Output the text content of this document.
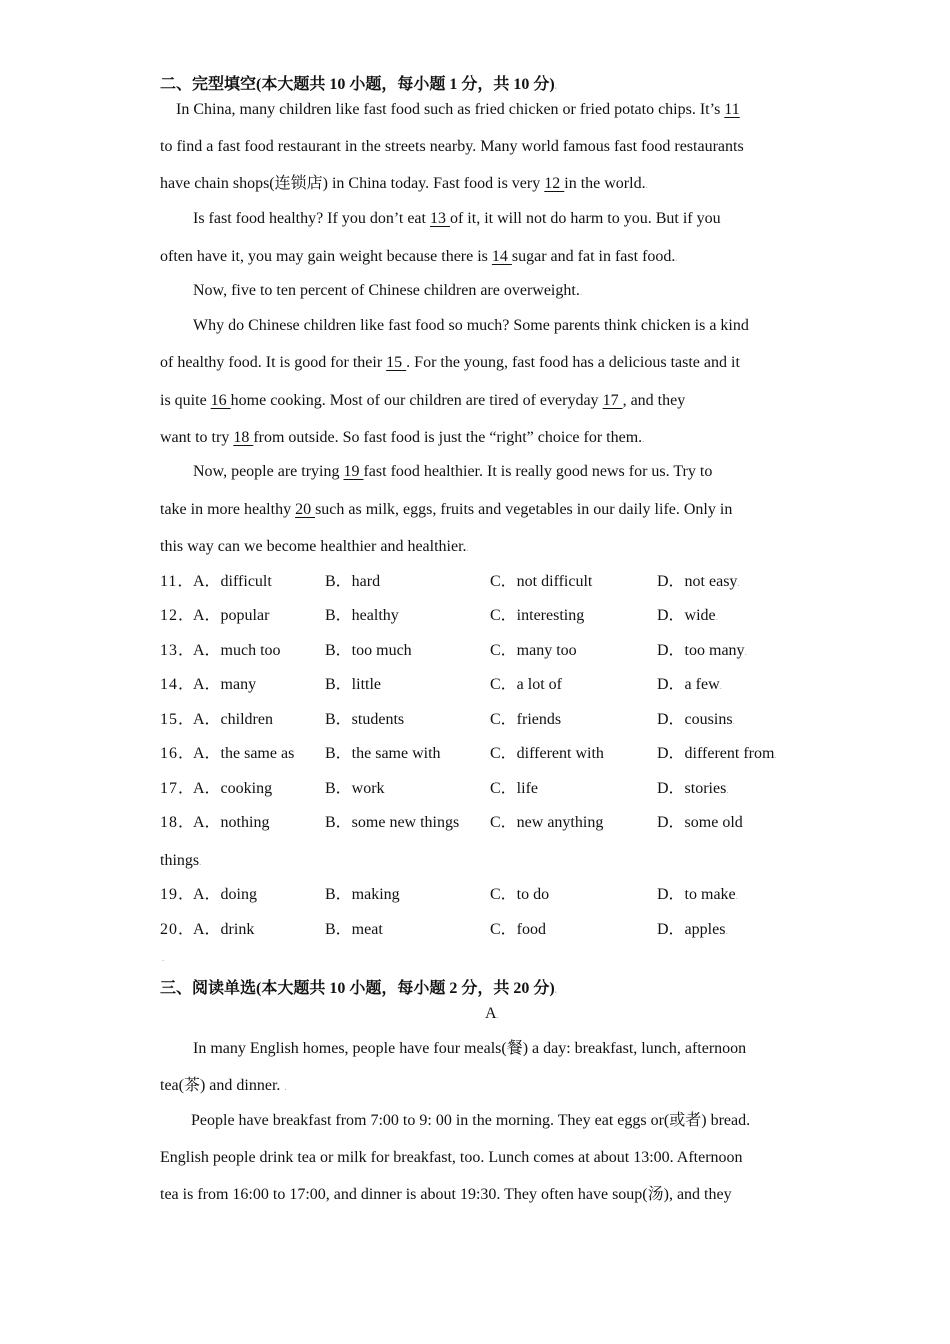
二、完型填空(本大题共 10 小题，每小题 1 分，共 10 分).
In China, many children like fast food such as fried chicken or fried potato chips. It’s 11
to find a fast food restaurant in the streets nearby. Many world famous fast food restaurants
have chain shops(连锁店) in China today. Fast food is very 12 in the world..
Is fast food healthy? If you don’t eat 13 of it, it will not do harm to you. But if you
often have it, you may gain weight because there is 14 sugar and fat in fast food..
Now, five to ten percent of Chinese children are overweight..
Why do Chinese children like fast food so much? Some parents think chicken is a kind
of healthy food. It is good for their 15 . For the young, fast food has a delicious taste and it
is quite 16 home cooking. Most of our children are tired of everyday 17 , and they
want to try 18 from outside. So fast food is just the “right” choice for them..
Now, people are trying 19 fast food healthier. It is really good news for us. Try to
take in more healthy 20 such as milk, eggs, fruits and vegetables in our daily life. Only in
this way can we become healthier and healthier..
11．
A．difficult	B．hard	C．not difficult	D．not easy.
12．
A．popular	B．healthy	C．interesting	D．wide.
13．
A．much too	B．too much	C．many too	D．too many.
14．
A．many	B．little	C．a lot of	D．a few.
15．
A．children	B．students	C．friends	D．cousins.
16．
A．the same as B．the same with	C．different with	D．different from.
17．
A．cooking	B．work	C．life	D．stories.
18．
A．nothing	B．some new things C．new anything	D．some old
things.
19．
A．doing	B．making	C．to do	D．to make.
20．
A．drink	B．meat	C．food	D．apples.
.
三、阅读单选(本大题共 10 小题，每小题 2 分，共 20 分).
A.
In many English homes, people have four meals(餐) a day: breakfast, lunch, afternoon
tea(茶) and dinner. .
People have breakfast from 7:00 to 9: 00 in the morning. They eat eggs or(或者) bread.
English people drink tea or milk for breakfast, too. Lunch comes at about 13:00. Afternoon
tea is from 16:00 to 17:00, and dinner is about 19:30. They often have soup(汤), and they
